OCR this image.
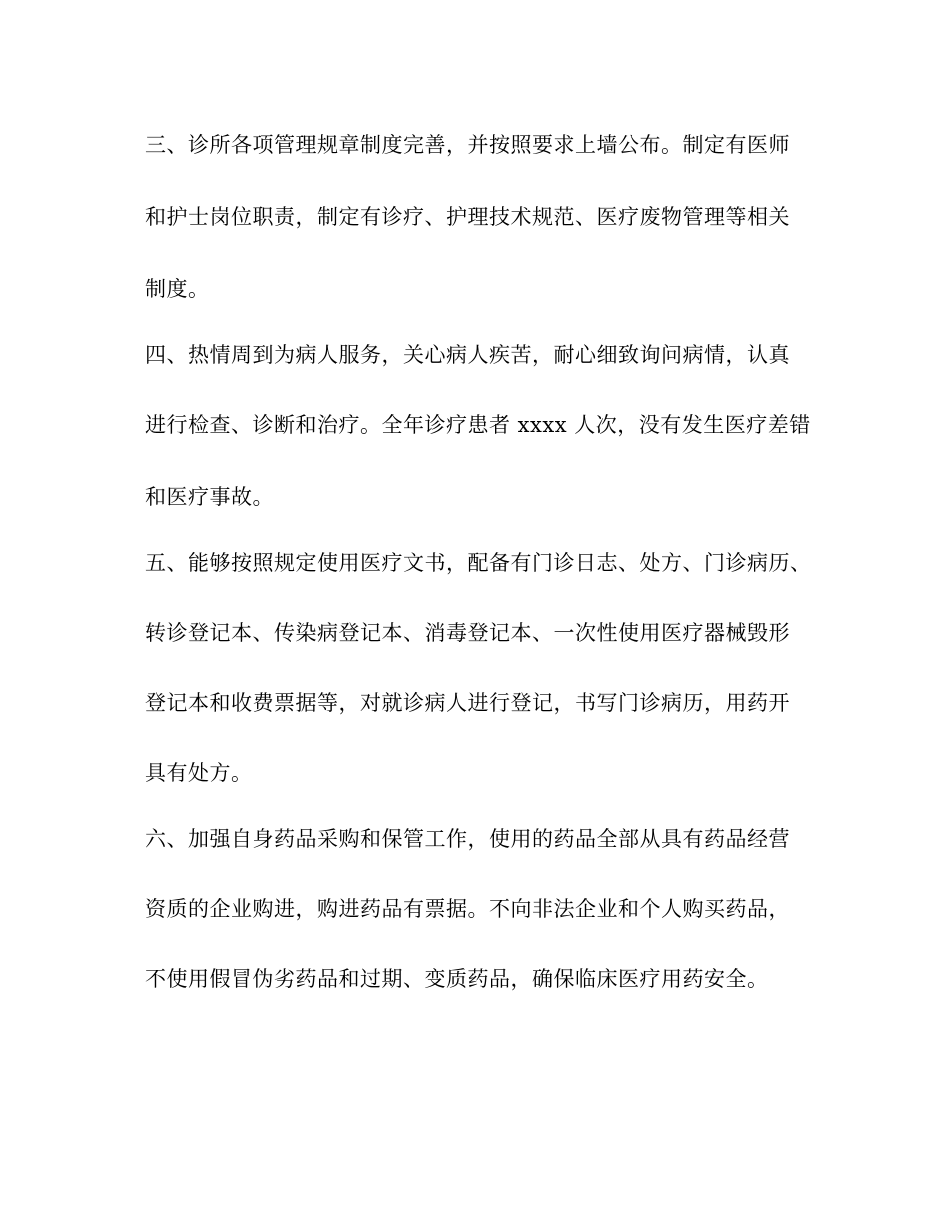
三、诊所各项管理规章制度完善，并按照要求上墙公布。制定有医师
和护士岗位职责，制定有诊疗、护理技术规范、医疗废物管理等相关
制度。
四、热情周到为病人服务，关心病人疾苦，耐心细致询问病情，认真
进行检查、诊断和治疗。全年诊疗患者 xxxx 人次，没有发生医疗差错
和医疗事故。
五、能够按照规定使用医疗文书，配备有门诊日志、处方、门诊病历、
转诊登记本、传染病登记本、消毒登记本、一次性使用医疗器械毁形
登记本和收费票据等，对就诊病人进行登记，书写门诊病历，用药开
具有处方。
六、加强自身药品采购和保管工作，使用的药品全部从具有药品经营
资质的企业购进，购进药品有票据。不向非法企业和个人购买药品，
不使用假冒伪劣药品和过期、变质药品，确保临床医疗用药安全。
